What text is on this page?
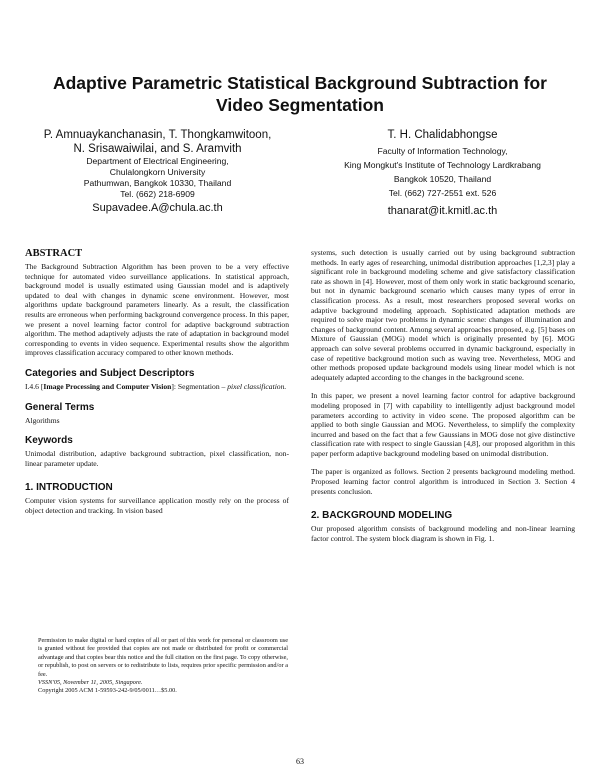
Adaptive Parametric Statistical Background Subtraction for Video Segmentation
P. Amnuaykanchanasin, T. Thongkamwitoon,
N. Srisawaiwilai, and S. Aramvith
Department of Electrical Engineering,
Chulalongkorn University
Pathumwan, Bangkok 10330, Thailand
Tel. (662) 218-6909
Supavadee.A@chula.ac.th
T. H. Chalidabhongse
Faculty of Information Technology,
King Mongkut's Institute of Technology Lardkrabang
Bangkok 10520, Thailand
Tel. (662) 727-2551 ext. 526
thanarat@it.kmitl.ac.th
ABSTRACT

The Background Subtraction Algorithm has been proven to be a very effective technique for automated video surveillance applications. In statistical approach, background model is usually estimated using Gaussian model and is adaptively updated to deal with changes in dynamic scene environment. However, most algorithms update background parameters linearly. As a result, the classification results are erroneous when performing background convergence process. In this paper, we present a novel learning factor control for adaptive background subtraction algorithm. The method adaptively adjusts the rate of adaptation in background model corresponding to events in video sequence. Experimental results show the algorithm improves classification accuracy compared to other known methods.

Categories and Subject Descriptors

I.4.6 [Image Processing and Computer Vision]: Segmentation – pixel classification.

General Terms

Algorithms

Keywords

Unimodal distribution, adaptive background subtraction, pixel classification, non-linear parameter update.

1. INTRODUCTION

Computer vision systems for surveillance application mostly rely on the process of object detection and tracking. In vision based

systems, such detection is usually carried out by using background subtraction methods. In early ages of researching, unimodal distribution approaches [1,2,3] play a significant role in background modeling scheme and give satisfactory classification rate as shown in [4]. However, most of them only work in static background scenario, but not in dynamic background scenario which causes many types of error in classification process. As a result, most researchers proposed several works on adaptive background modeling approach. Sophisticated adaptation methods are required to solve major two problems in dynamic scene: changes of illumination and changes of background content. Among several approaches proposed, e.g. [5] bases on Mixture of Gaussian (MOG) model which is originally presented by [6]. MOG approach can solve several problems occurred in dynamic background, especially in case of repetitive background motion such as waving tree. Nevertheless, MOG and other methods proposed update background models using linear model which is not adequately adapted according to the changes in the background scene.

In this paper, we present a novel learning factor control for adaptive background modeling proposed in [7] with capability to intelligently adjust background model parameters according to activity in video scene. The proposed algorithm can be applied to both single Gaussian and MOG. Nevertheless, to simplify the complexity incurred and based on the fact that a few Gaussians in MOG dose not give distinctive classification rate with respect to single Gaussian [4,8], our proposed algorithm in this paper perform adaptive background modeling based on unimodal distribution.

The paper is organized as follows. Section 2 presents background modeling method. Proposed learning factor control algorithm is introduced in Section 3. Section 4 presents conclusion.

2. BACKGROUND MODELING

Our proposed algorithm consists of background modeling and non-linear learning factor control. The system block diagram is shown in Fig. 1.

Permission to make digital or hard copies of all or part of this work for personal or classroom use is granted without fee provided that copies are not made or distributed for profit or commercial advantage and that copies bear this notice and the full citation on the first page. To copy otherwise, or republish, to post on servers or to redistribute to lists, requires prior specific permission and/or a fee.

VSSN'05, November 11, 2005, Singapore.

Copyright 2005 ACM 1-59593-242-9/05/0011…$5.00.

63
